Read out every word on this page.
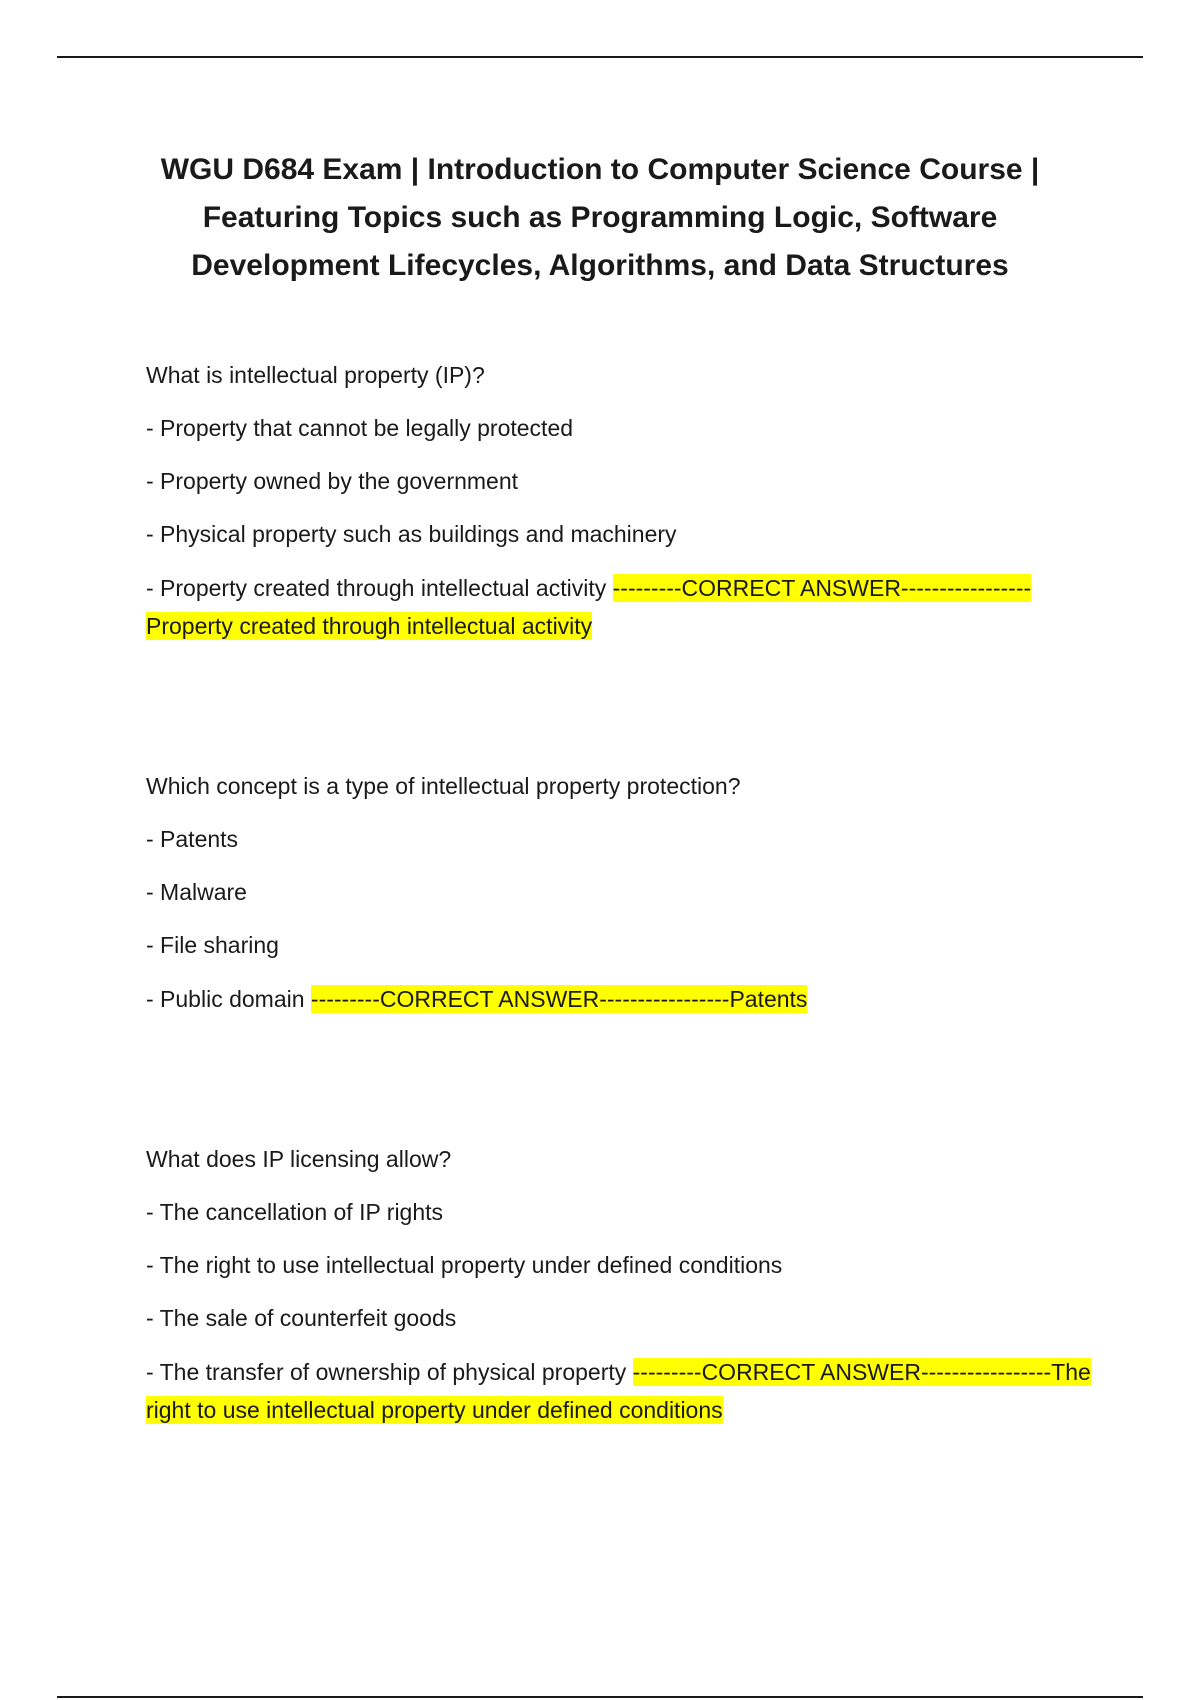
WGU D684 Exam | Introduction to Computer Science Course | Featuring Topics such as Programming Logic, Software Development Lifecycles, Algorithms, and Data Structures
What is intellectual property (IP)?
- Property that cannot be legally protected
- Property owned by the government
- Physical property such as buildings and machinery
- Property created through intellectual activity ---------CORRECT ANSWER-----------------Property created through intellectual activity
Which concept is a type of intellectual property protection?
- Patents
- Malware
- File sharing
- Public domain ---------CORRECT ANSWER-----------------Patents
What does IP licensing allow?
- The cancellation of IP rights
- The right to use intellectual property under defined conditions
- The sale of counterfeit goods
- The transfer of ownership of physical property ---------CORRECT ANSWER-----------------The right to use intellectual property under defined conditions
